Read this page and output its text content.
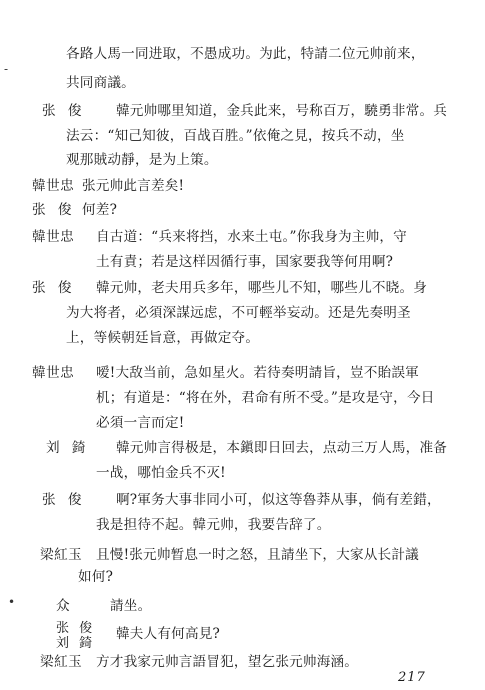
-
•
各路人馬一同进取，不愚成功。为此，特請二位元帅前来，
共同商議。
张 俊 韓元帅哪里知道，金兵此来，号称百万，驍勇非常。兵
法云：“知己知彼，百战百胜。”依俺之見，按兵不动，坐
观那賊动靜，是为上策。
韓世忠 张元帅此言差矣!
张 俊 何差?
韓世忠 自古道：“兵来将挡，水来土屯。”你我身为主帅，守
土有責；若是这样因循行事，国家要我等何用啊?
张 俊 韓元帅，老夫用兵多年，哪些儿不知，哪些儿不晓。身
为大将者，必須深謀远虑，不可輕举妄动。还是先奏明圣
上，等候朝廷旨意，再做定夺。
韓世忠 嗳!大敌当前，急如星火。若待奏明請旨，豈不貽誤軍
机；有道是：“将在外，君命有所不受。”是攻是守，今日
必須一言而定!
刘 錡 韓元帅言得极是，本鎭即日回去，点动三万人馬，准备
一战，哪怕金兵不灭!
张 俊 啊?軍务大事非同小可，似这等魯莽从事，倘有差錯，
我是担待不起。韓元帅，我要告辞了。
梁紅玉 且慢!张元帅暂息一时之怒，且請坐下，大家从长計議
如何?
众	請坐。
张 俊
刘 錡
韓夫人有何高見?
梁紅玉 方才我家元帅言語冒犯，望乞张元帅海涵。
217
